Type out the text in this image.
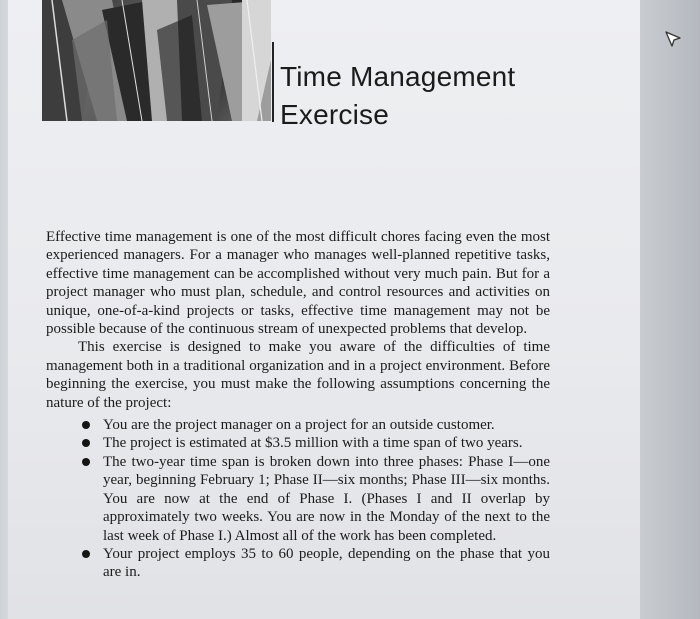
Time Management
Exercise

Effective time management is one of the most difficult chores facing even the most experienced managers. For a manager who manages well-planned repetitive tasks, effective time management can be accomplished without very much pain. But for a project manager who must plan, schedule, and control resources and activities on unique, one-of-a-kind projects or tasks, effective time management may not be possible because of the continuous stream of unexpected problems that develop.

This exercise is designed to make you aware of the difficulties of time management both in a traditional organization and in a project environment. Before beginning the exercise, you must make the following assumptions concerning the nature of the project:

You are the project manager on a project for an outside customer.
The project is estimated at $3.5 million with a time span of two years.
The two-year time span is broken down into three phases: Phase I—one year, beginning February 1; Phase II—six months; Phase III—six months. You are now at the end of Phase I. (Phases I and II overlap by approximately two weeks. You are now in the Monday of the next to the last week of Phase I.) Almost all of the work has been completed.
Your project employs 35 to 60 people, depending on the phase that you are in.
